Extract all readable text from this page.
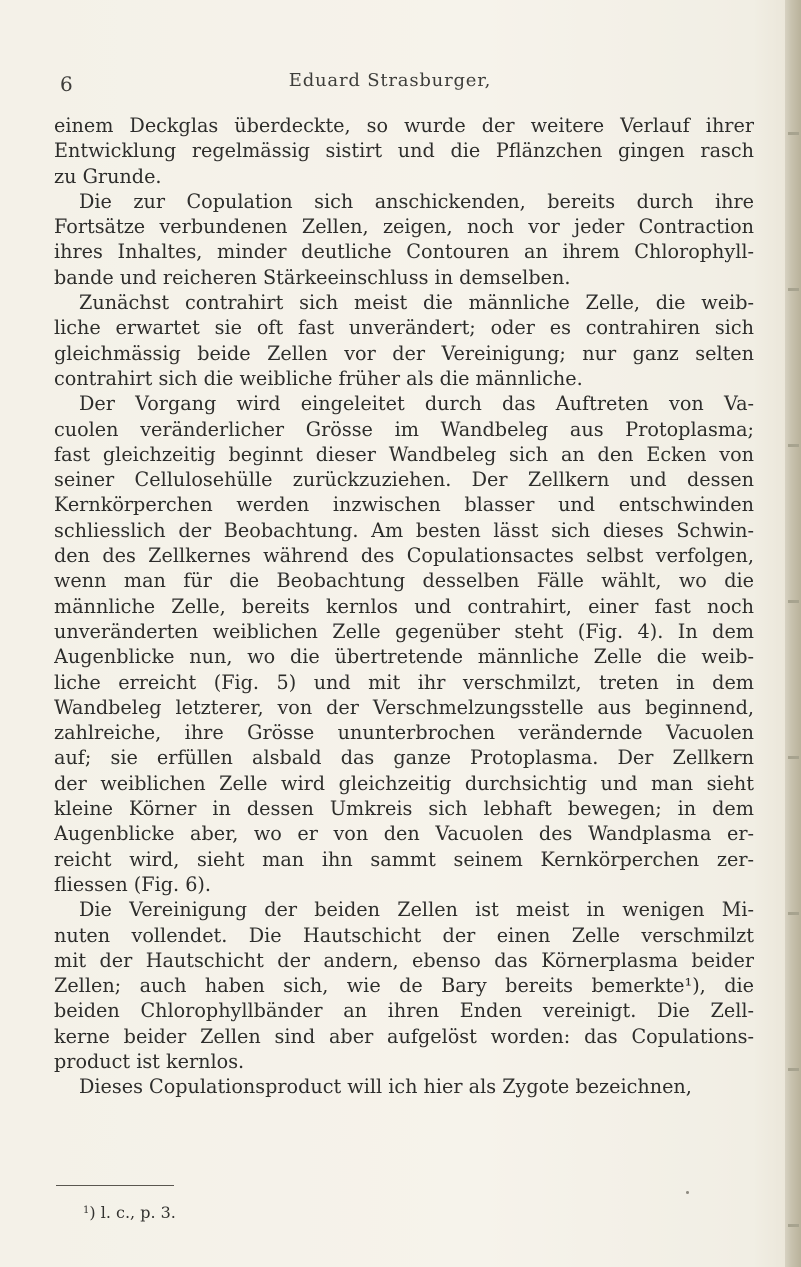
6	Eduard Strasburger,
einem Deckglas überdeckte, so wurde der weitere Verlauf ihrer
Entwicklung regelmässig sistirt und die Pflänzchen gingen rasch
zu Grunde.
Die zur Copulation sich anschickenden, bereits durch ihre
Fortsätze verbundenen Zellen, zeigen, noch vor jeder Contraction
ihres Inhaltes, minder deutliche Contouren an ihrem Chlorophyll-
bande und reicheren Stärkeeinschluss in demselben.
Zunächst contrahirt sich meist die männliche Zelle, die weib-
liche erwartet sie oft fast unverändert; oder es contrahiren sich
gleichmässig beide Zellen vor der Vereinigung; nur ganz selten
contrahirt sich die weibliche früher als die männliche.
Der Vorgang wird eingeleitet durch das Auftreten von Va-
cuolen veränderlicher Grösse im Wandbeleg aus Protoplasma;
fast gleichzeitig beginnt dieser Wandbeleg sich an den Ecken von
seiner Cellulosehülle zurückzuziehen. Der Zellkern und dessen
Kernkörperchen werden inzwischen blasser und entschwinden
schliesslich der Beobachtung. Am besten lässt sich dieses Schwin-
den des Zellkernes während des Copulationsactes selbst verfolgen,
wenn man für die Beobachtung desselben Fälle wählt, wo die
männliche Zelle, bereits kernlos und contrahirt, einer fast noch
unveränderten weiblichen Zelle gegenüber steht (Fig. 4). In dem
Augenblicke nun, wo die übertretende männliche Zelle die weib-
liche erreicht (Fig. 5) und mit ihr verschmilzt, treten in dem
Wandbeleg letzterer, von der Verschmelzungsstelle aus beginnend,
zahlreiche, ihre Grösse ununterbrochen verändernde Vacuolen
auf; sie erfüllen alsbald das ganze Protoplasma. Der Zellkern
der weiblichen Zelle wird gleichzeitig durchsichtig und man sieht
kleine Körner in dessen Umkreis sich lebhaft bewegen; in dem
Augenblicke aber, wo er von den Vacuolen des Wandplasma er-
reicht wird, sieht man ihn sammt seinem Kernkörperchen zer-
fliessen (Fig. 6).
Die Vereinigung der beiden Zellen ist meist in wenigen Mi-
nuten vollendet. Die Hautschicht der einen Zelle verschmilzt
mit der Hautschicht der andern, ebenso das Körnerplasma beider
Zellen; auch haben sich, wie de Bary bereits bemerkte¹), die
beiden Chlorophyllbänder an ihren Enden vereinigt. Die Zell-
kerne beider Zellen sind aber aufgelöst worden: das Copulations-
product ist kernlos.
Dieses Copulationsproduct will ich hier als Zygote bezeichnen,
$^1$) l. c., p. 3.
